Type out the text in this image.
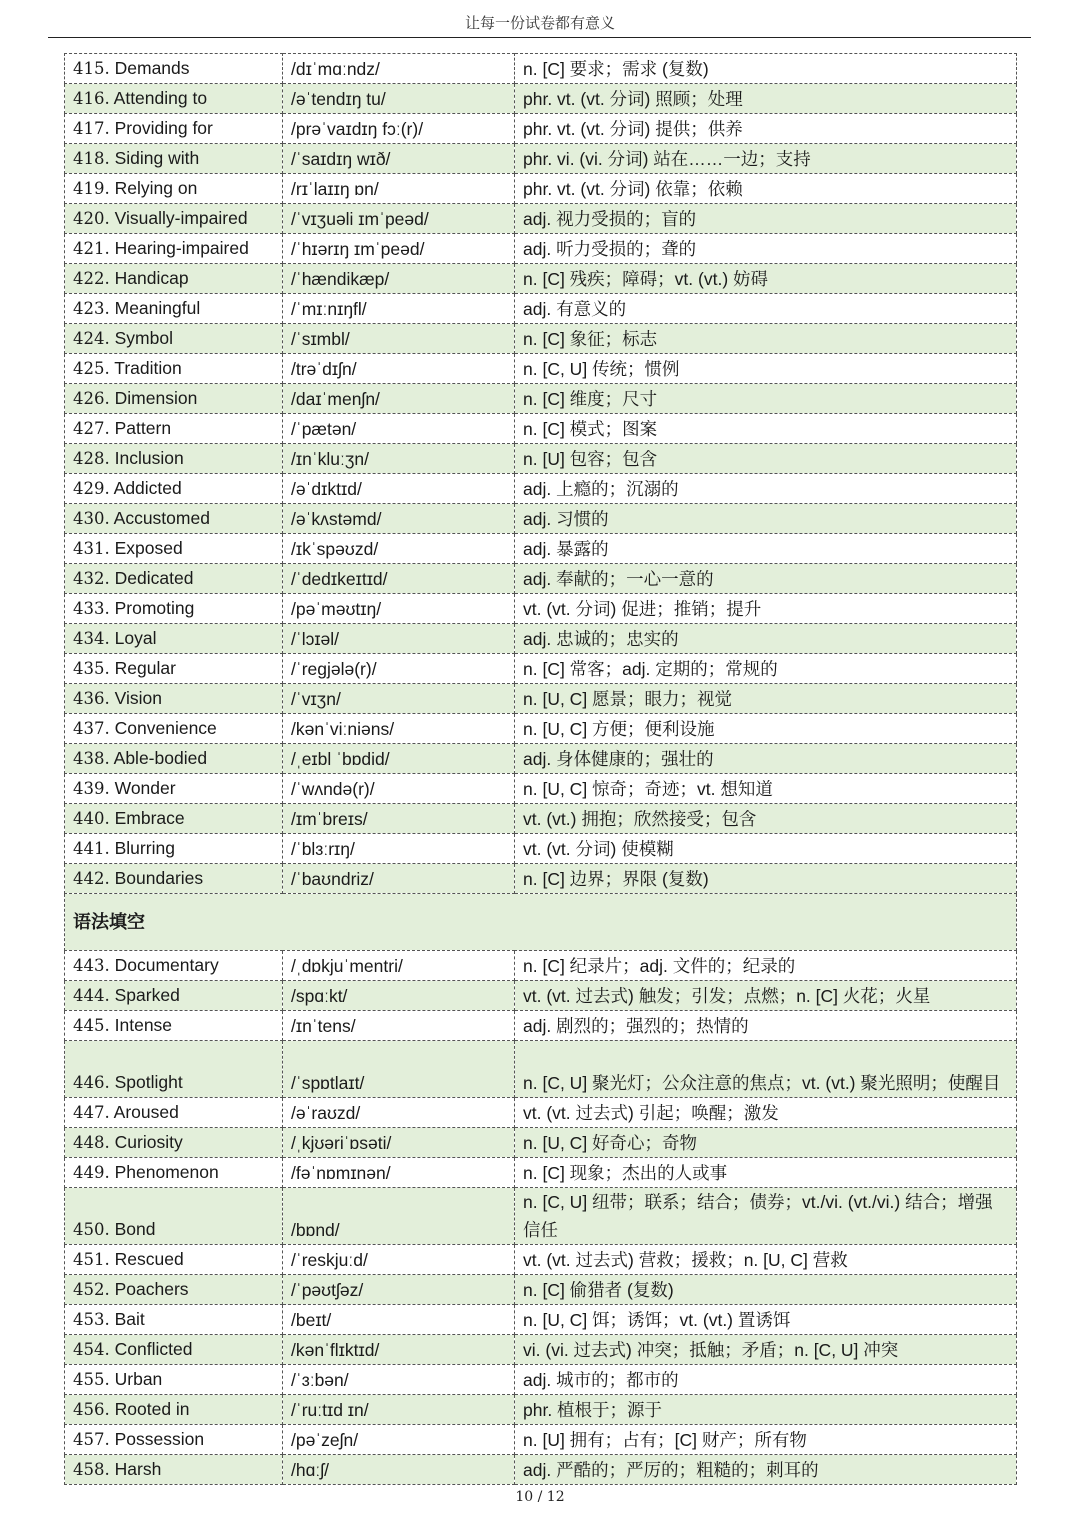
让每一份试卷都有意义
415. Demands	/dɪˈmɑːndz/	n. [C] 要求；需求 (复数)
416. Attending to	/əˈtendɪŋ tu/	phr. vt. (vt. 分词) 照顾；处理
417. Providing for	/prəˈvaɪdɪŋ fɔː(r)/	phr. vt. (vt. 分词) 提供；供养
418. Siding with	/ˈsaɪdɪŋ wɪð/	phr. vi. (vi. 分词) 站在……一边；支持
419. Relying on	/rɪˈlaɪɪŋ ɒn/	phr. vt. (vt. 分词) 依靠；依赖
420. Visually-impaired	/ˈvɪʒuəli ɪmˈpeəd/	adj. 视力受损的；盲的
421. Hearing-impaired	/ˈhɪərɪŋ ɪmˈpeəd/	adj. 听力受损的；聋的
422. Handicap	/ˈhændikæp/	n. [C] 残疾；障碍；vt. (vt.) 妨碍
423. Meaningful	/ˈmɪːnɪŋfl/	adj. 有意义的
424. Symbol	/ˈsɪmbl/	n. [C] 象征；标志
425. Tradition	/trəˈdɪʃn/	n. [C, U] 传统；惯例
426. Dimension	/daɪˈmenʃn/	n. [C] 维度；尺寸
427. Pattern	/ˈpætən/	n. [C] 模式；图案
428. Inclusion	/ɪnˈkluːʒn/	n. [U] 包容；包含
429. Addicted	/əˈdɪktɪd/	adj. 上瘾的；沉溺的
430. Accustomed	/əˈkʌstəmd/	adj. 习惯的
431. Exposed	/ɪkˈspəʊzd/	adj. 暴露的
432. Dedicated	/ˈdedɪkeɪtɪd/	adj. 奉献的；一心一意的
433. Promoting	/pəˈməʊtɪŋ/	vt. (vt. 分词) 促进；推销；提升
434. Loyal	/ˈlɔɪəl/	adj. 忠诚的；忠实的
435. Regular	/ˈregjələ(r)/	n. [C] 常客；adj. 定期的；常规的
436. Vision	/ˈvɪʒn/	n. [U, C] 愿景；眼力；视觉
437. Convenience	/kənˈviːniəns/	n. [U, C] 方便；便利设施
438. Able-bodied	/ˌeɪbl ˈbɒdid/	adj. 身体健康的；强壮的
439. Wonder	/ˈwʌndə(r)/	n. [U, C] 惊奇；奇迹；vt. 想知道
440. Embrace	/ɪmˈbreɪs/	vt. (vt.) 拥抱；欣然接受；包含
441. Blurring	/ˈblɜːrɪŋ/	vt. (vt. 分词) 使模糊
442. Boundaries	/ˈbaʊndriz/	n. [C] 边界；界限 (复数)
语法填空		
443. Documentary	/ˌdɒkjuˈmentri/	n. [C] 纪录片；adj. 文件的；纪录的
444. Sparked	/spɑːkt/	vt. (vt. 过去式) 触发；引发；点燃；n. [C] 火花；火星
445. Intense	/ɪnˈtens/	adj. 剧烈的；强烈的；热情的
446. Spotlight	/ˈspɒtlaɪt/	n. [C, U] 聚光灯；公众注意的焦点；vt. (vt.) 聚光照明；使醒目
447. Aroused	/əˈraʊzd/	vt. (vt. 过去式) 引起；唤醒；激发
448. Curiosity	/ˌkjʊəriˈɒsəti/	n. [U, C] 好奇心；奇物
449. Phenomenon	/fəˈnɒmɪnən/	n. [C] 现象；杰出的人或事
450. Bond	/bɒnd/	n. [C, U] 纽带；联系；结合；债券；vt./vi. (vt./vi.) 结合；增强信任
451. Rescued	/ˈreskjuːd/	vt. (vt. 过去式) 营救；援救；n. [U, C] 营救
452. Poachers	/ˈpəʊtʃəz/	n. [C] 偷猎者 (复数)
453. Bait	/beɪt/	n. [U, C] 饵；诱饵；vt. (vt.) 置诱饵
454. Conflicted	/kənˈflɪktɪd/	vi. (vi. 过去式) 冲突；抵触；矛盾；n. [C, U] 冲突
455. Urban	/ˈɜːbən/	adj. 城市的；都市的
456. Rooted in	/ˈruːtɪd ɪn/	phr. 植根于；源于
457. Possession	/pəˈzeʃn/	n. [U] 拥有；占有；[C] 财产；所有物
458. Harsh	/hɑːʃ/	adj. 严酷的；严厉的；粗糙的；刺耳的
10 / 12
